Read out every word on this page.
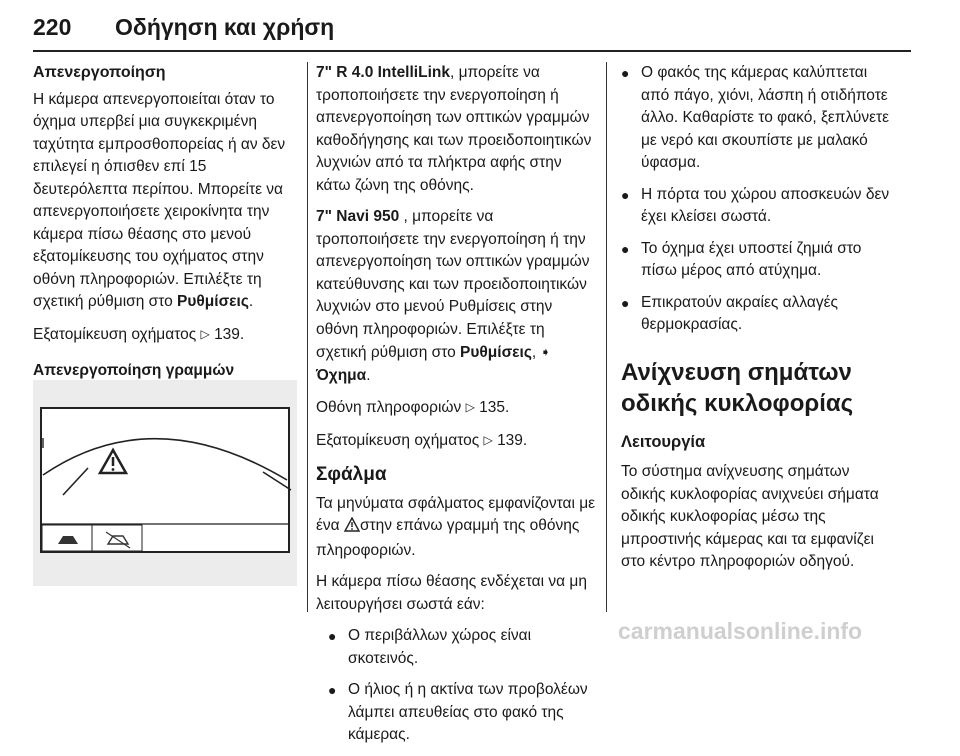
220 Οδήγηση και χρήση
Απενεργοποίηση
Η κάμερα απενεργοποιείται όταν το όχημα υπερβεί μια συγκεκριμένη ταχύτητα εμπροσθοπορείας ή αν δεν επιλεγεί η όπισθεν επί 15 δευτερόλεπτα περίπου. Μπορείτε να απενεργοποιήσετε χειροκίνητα την κάμερα πίσω θέασης στο μενού εξατομίκευσης του οχήματος στην οθόνη πληροφοριών. Επιλέξτε τη σχετική ρύθμιση στο Ρυθμίσεις.
Εξατομίκευση οχήματος ▷ 139.
Απενεργοποίηση γραμμών
7" R 4.0 IntelliLink, μπορείτε να τροποποιήσετε την ενεργοποίηση ή απενεργοποίηση των οπτικών γραμμών καθοδήγησης και των προειδοποιητικών λυχνιών από τα πλήκτρα αφής στην κάτω ζώνη της οθόνης.
7" Navi 950 , μπορείτε να τροποποιήσετε την ενεργοποίηση ή την απενεργοποίηση των οπτικών γραμμών κατεύθυνσης και των προειδοποιητικών λυχνιών στο μενού Ρυθμίσεις στην οθόνη πληροφοριών. Επιλέξτε τη σχετική ρύθμιση στο Ρυθμίσεις, ➧
Όχημα.
Οθόνη πληροφοριών ▷ 135.
Εξατομίκευση οχήματος ▷ 139.
Σφάλμα
Τα μηνύματα σφάλματος εμφανίζονται με ένα στην επάνω γραμμή της οθόνης πληροφοριών.
Η κάμερα πίσω θέασης ενδέχεται να μη λειτουργήσει σωστά εάν:
● Ο περιβάλλων χώρος είναι σκοτεινός.
● Ο ήλιος ή η ακτίνα των προβολέων λάμπει απευθείας στο φακό της κάμερας.
● Ο φακός της κάμερας καλύπτεται από πάγο, χιόνι, λάσπη ή οτιδήποτε άλλο. Καθαρίστε το φακό, ξεπλύνετε με νερό και σκουπίστε με μαλακό ύφασμα.
● Η πόρτα του χώρου αποσκευών δεν έχει κλείσει σωστά.
● Το όχημα έχει υποστεί ζημιά στο πίσω μέρος από ατύχημα.
● Επικρατούν ακραίες αλλαγές θερμοκρασίας.
Ανίχνευση σημάτων οδικής κυκλοφορίας
Λειτουργία
Το σύστημα ανίχνευσης σημάτων οδικής κυκλοφορίας ανιχνεύει σήματα οδικής κυκλοφορίας μέσω της μπροστινής κάμερας και τα εμφανίζει στο κέντρο πληροφοριών οδηγού.
carmanualsonline.info
